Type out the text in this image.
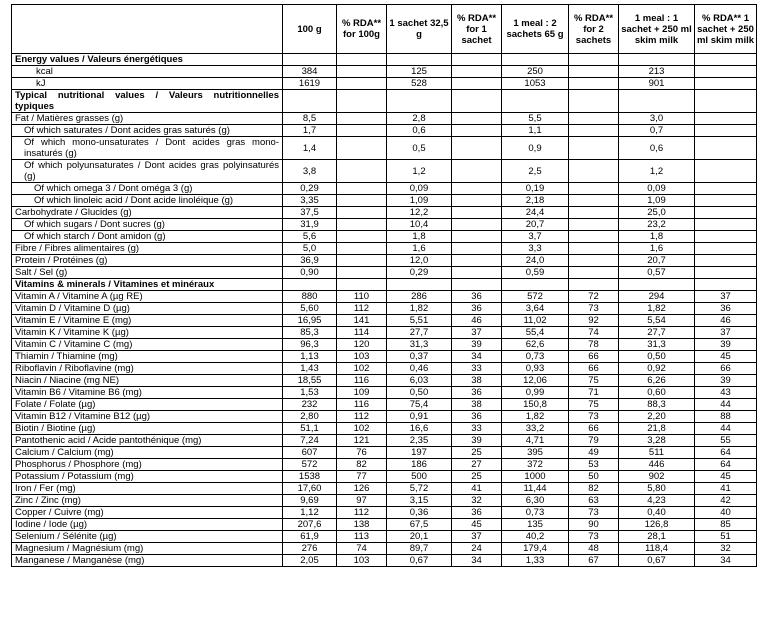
	100 g	% RDA** for 100g	1 sachet 32,5 g	% RDA** for 1 sachet	1 meal : 2 sachets 65 g	% RDA** for 2 sachets	1 meal : 1 sachet + 250 ml skim milk	% RDA** 1 sachet + 250 ml skim milk
Energy values / Valeurs énergétiques								
kcal	384		125		250		213	
kJ	1619		528		1053		901	
Typical nutritional values / Valeurs nutritionnelles typiques								
Fat / Matières grasses (g)	8,5		2,8		5,5		3,0	
Of which saturates / Dont acides gras saturés (g)	1,7		0,6		1,1		0,7	
Of which mono-unsaturates / Dont acides gras mono-insaturés (g)	1,4		0,5		0,9		0,6	
Of which polyunsaturates / Dont acides gras polyinsaturés (g)	3,8		1,2		2,5		1,2	
Of which omega 3 / Dont oméga 3 (g)	0,29		0,09		0,19		0,09	
Of which linoleic acid / Dont acide linoléique (g)	3,35		1,09		2,18		1,09	
Carbohydrate / Glucides (g)	37,5		12,2		24,4		25,0	
Of which sugars / Dont sucres (g)	31,9		10,4		20,7		23,2	
Of which starch / Dont amidon (g)	5,6		1,8		3,7		1,8	
Fibre / Fibres alimentaires (g)	5,0		1,6		3,3		1,6	
Protein / Protéines (g)	36,9		12,0		24,0		20,7	
Salt / Sel (g)	0,90		0,29		0,59		0,57	
Vitamins & minerals / Vitamines et minéraux								
Vitamin A / Vitamine A (µg RE)	880	110	286	36	572	72	294	37
Vitamin D / Vitamine D (µg)	5,60	112	1,82	36	3,64	73	1,82	36
Vitamin E / Vitamine E (mg)	16,95	141	5,51	46	11,02	92	5,54	46
Vitamin K / Vitamine K (µg)	85,3	114	27,7	37	55,4	74	27,7	37
Vitamin C / Vitamine C (mg)	96,3	120	31,3	39	62,6	78	31,3	39
Thiamin / Thiamine (mg)	1,13	103	0,37	34	0,73	66	0,50	45
Riboflavin / Riboflavine (mg)	1,43	102	0,46	33	0,93	66	0,92	66
Niacin / Niacine (mg NE)	18,55	116	6,03	38	12,06	75	6,26	39
Vitamin B6 / Vitamine B6 (mg)	1,53	109	0,50	36	0,99	71	0,60	43
Folate / Folate (µg)	232	116	75,4	38	150,8	75	88,3	44
Vitamin B12 / Vitamine B12 (µg)	2,80	112	0,91	36	1,82	73	2,20	88
Biotin / Biotine (µg)	51,1	102	16,6	33	33,2	66	21,8	44
Pantothenic acid / Acide pantothénique (mg)	7,24	121	2,35	39	4,71	79	3,28	55
Calcium / Calcium (mg)	607	76	197	25	395	49	511	64
Phosphorus / Phosphore (mg)	572	82	186	27	372	53	446	64
Potassium / Potassium (mg)	1538	77	500	25	1000	50	902	45
Iron / Fer (mg)	17,60	126	5,72	41	11,44	82	5,80	41
Zinc / Zinc (mg)	9,69	97	3,15	32	6,30	63	4,23	42
Copper / Cuivre (mg)	1,12	112	0,36	36	0,73	73	0,40	40
Iodine / Iode (µg)	207,6	138	67,5	45	135	90	126,8	85
Selenium / Sélénite (µg)	61,9	113	20,1	37	40,2	73	28,1	51
Magnesium / Magnésium (mg)	276	74	89,7	24	179,4	48	118,4	32
Manganese / Manganèse (mg)	2,05	103	0,67	34	1,33	67	0,67	34
